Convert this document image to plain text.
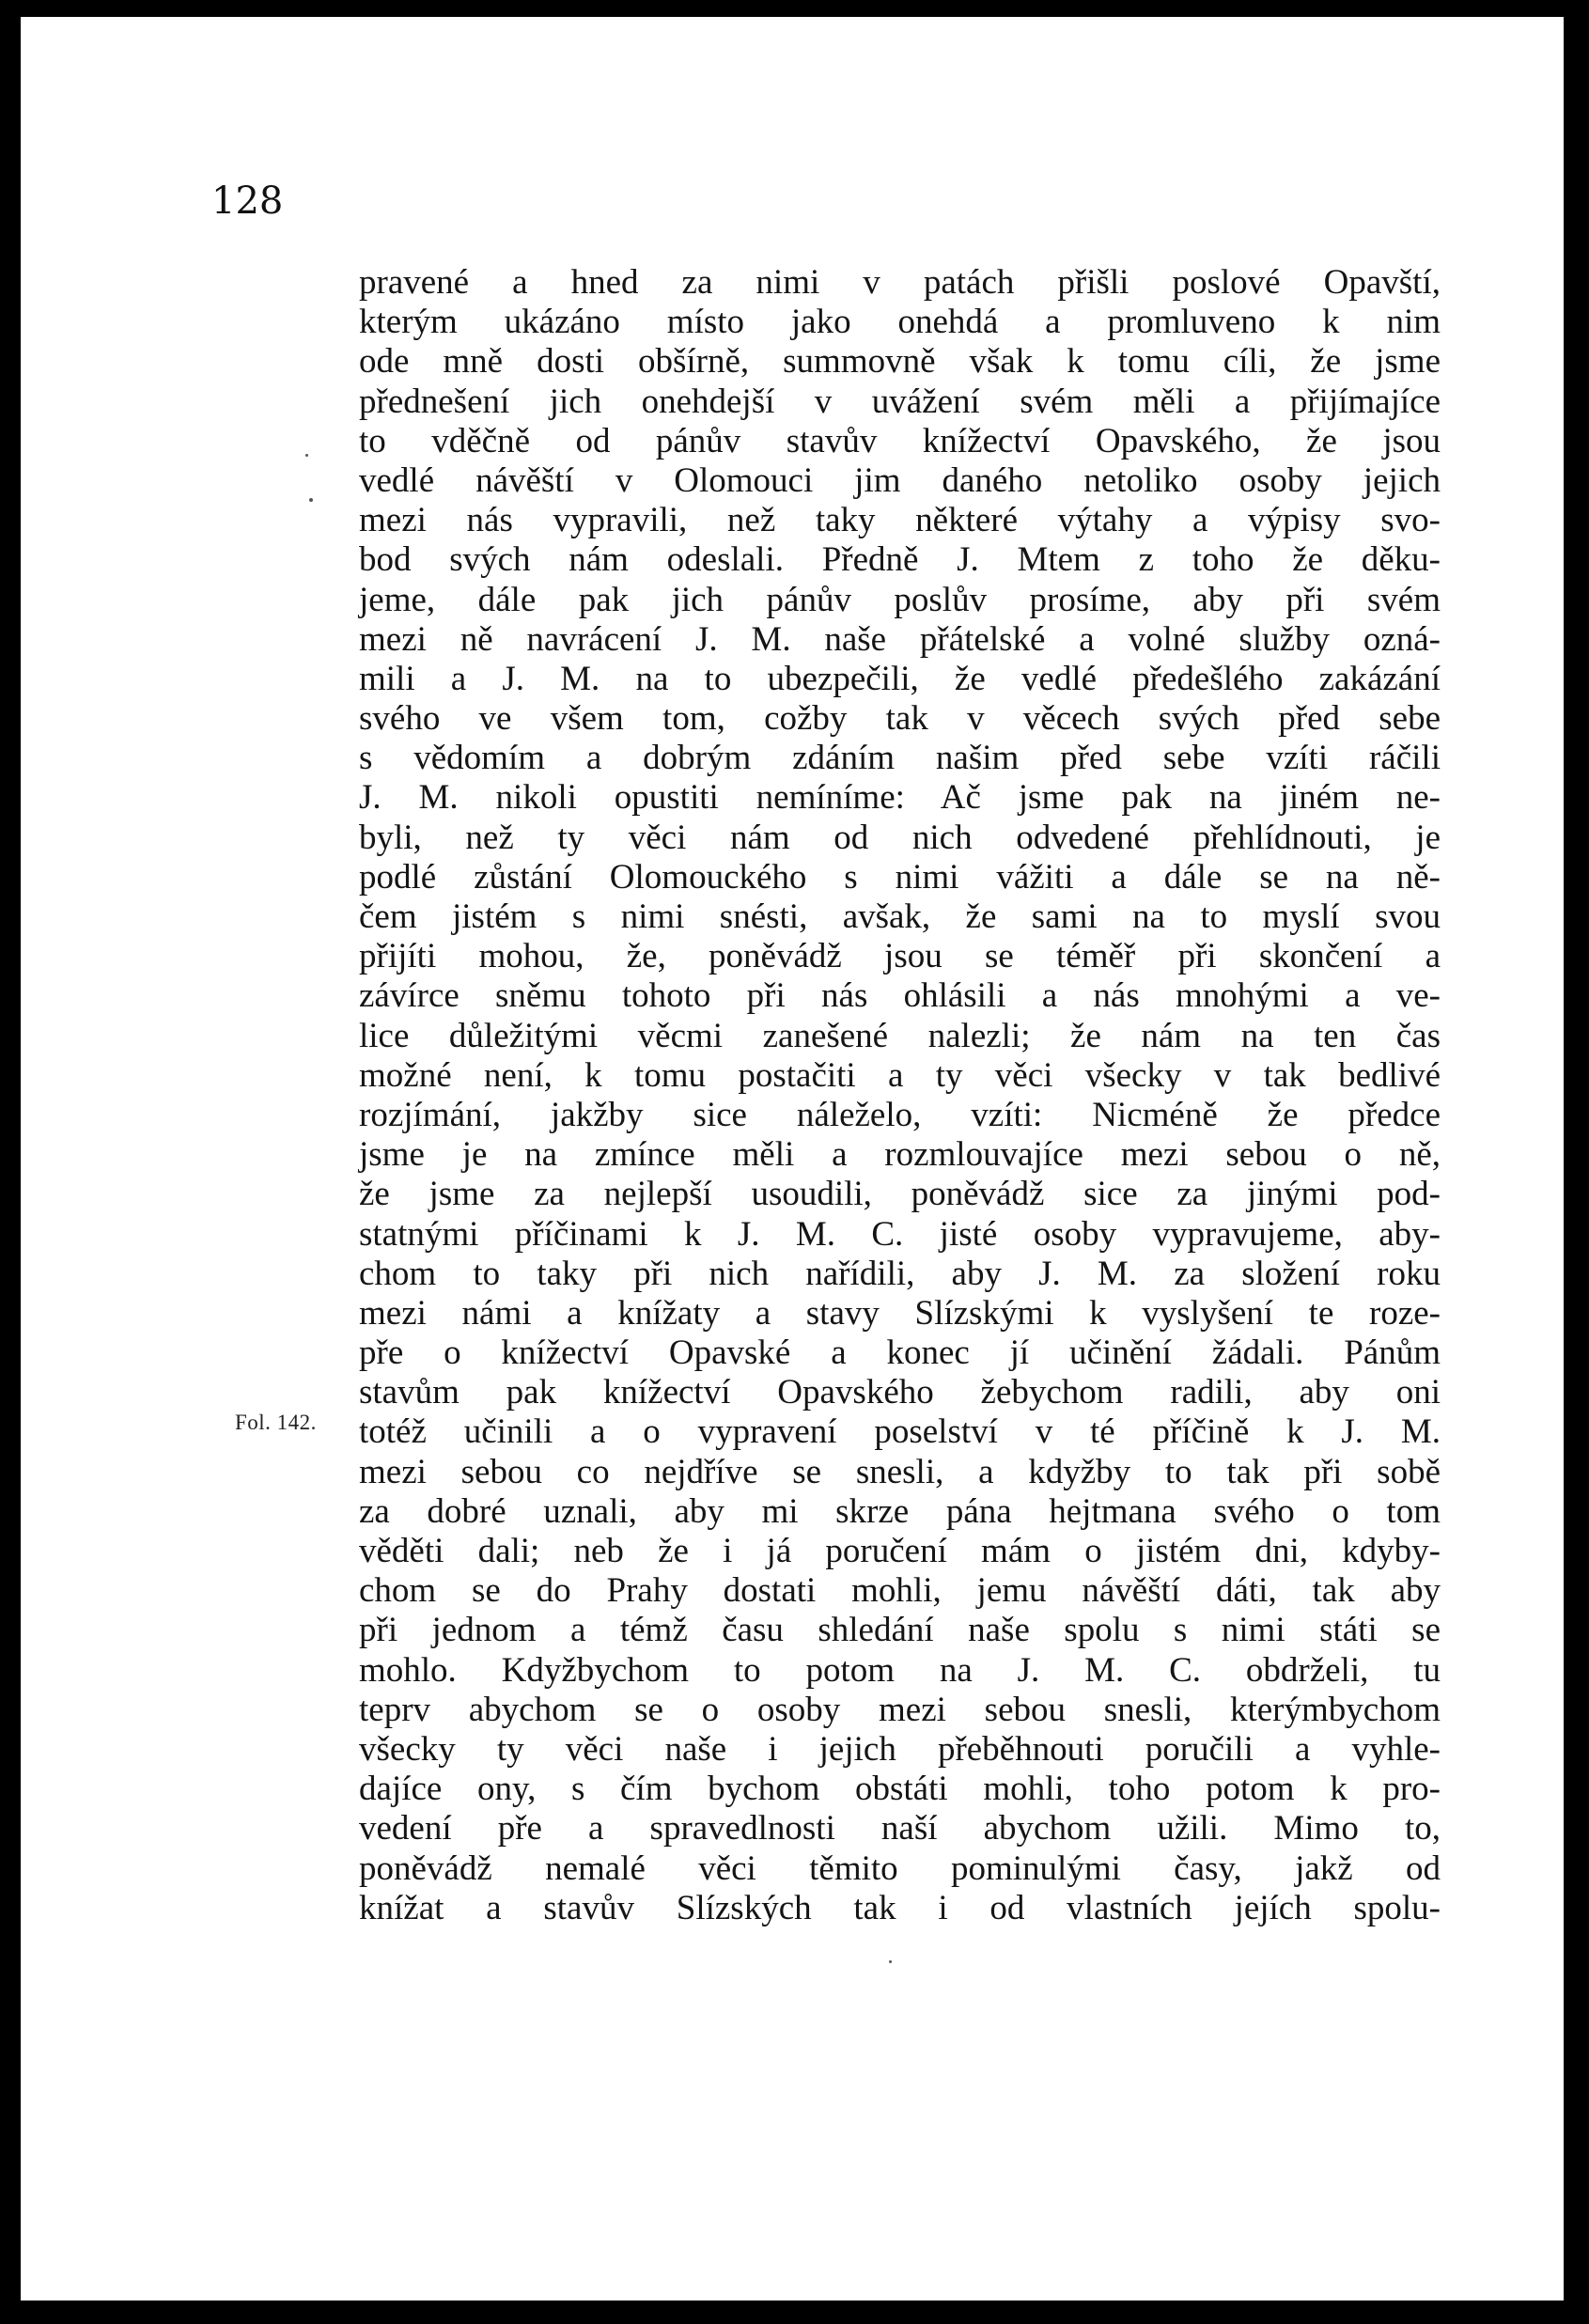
128
Fol. 142.
pravené a hned za nimi v patách přišli poslové Opavští,
kterým ukázáno místo jako onehdá a promluveno k nim
ode mně dosti obšírně, summovně však k tomu cíli, že jsme
přednešení jich onehdejší v uvážení svém měli a přijímajíce
to vděčně od pánův stavův knížectví Opavského, že jsou
vedlé návěští v Olomouci jim daného netoliko osoby jejich
mezi nás vypravili, než taky některé výtahy a výpisy svo-
bod svých nám odeslali. Předně J. Mtem z toho že děku-
jeme, dále pak jich pánův poslův prosíme, aby při svém
mezi ně navrácení J. M. naše přátelské a volné služby ozná-
mili a J. M. na to ubezpečili, že vedlé předešlého zakázání
svého ve všem tom, cožby tak v věcech svých před sebe
s vědomím a dobrým zdáním našim před sebe vzíti ráčili
J. M. nikoli opustiti nemíníme: Ač jsme pak na jiném ne-
byli, než ty věci nám od nich odvedené přehlídnouti, je
podlé zůstání Olomouckého s nimi vážiti a dále se na ně-
čem jistém s nimi snésti, avšak, že sami na to myslí svou
přijíti mohou, že, poněvádž jsou se téměř při skončení a
závírce sněmu tohoto při nás ohlásili a nás mnohými a ve-
lice důležitými věcmi zanešené nalezli; že nám na ten čas
možné není, k tomu postačiti a ty věci všecky v tak bedlivé
rozjímání, jakžby sice náleželo, vzíti: Nicméně že předce
jsme je na zmínce měli a rozmlouvajíce mezi sebou o ně,
že jsme za nejlepší usoudili, poněvádž sice za jinými pod-
statnými příčinami k J. M. C. jisté osoby vypravujeme, aby-
chom to taky při nich nařídili, aby J. M. za složení roku
mezi námi a knížaty a stavy Slízskými k vyslyšení te roze-
pře o knížectví Opavské a konec jí učinění žádali. Pánům
stavům pak knížectví Opavského žebychom radili, aby oni
totéž učinili a o vypravení poselství v té příčině k J. M.
mezi sebou co nejdříve se snesli, a kdyžby to tak při sobě
za dobré uznali, aby mi skrze pána hejtmana svého o tom
věděti dali; neb že i já poručení mám o jistém dni, kdyby-
chom se do Prahy dostati mohli, jemu návěští dáti, tak aby
při jednom a témž času shledání naše spolu s nimi státi se
mohlo. Kdyžbychom to potom na J. M. C. obdrželi, tu
teprv abychom se o osoby mezi sebou snesli, kterýmbychom
všecky ty věci naše i jejich přeběhnouti poručili a vyhle-
dajíce ony, s čím bychom obstáti mohli, toho potom k pro-
vedení pře a spravedlnosti naší abychom užili. Mimo to,
poněvádž nemalé věci těmito pominulými časy, jakž od
knížat a stavův Slízských tak i od vlastních jejích spolu-
